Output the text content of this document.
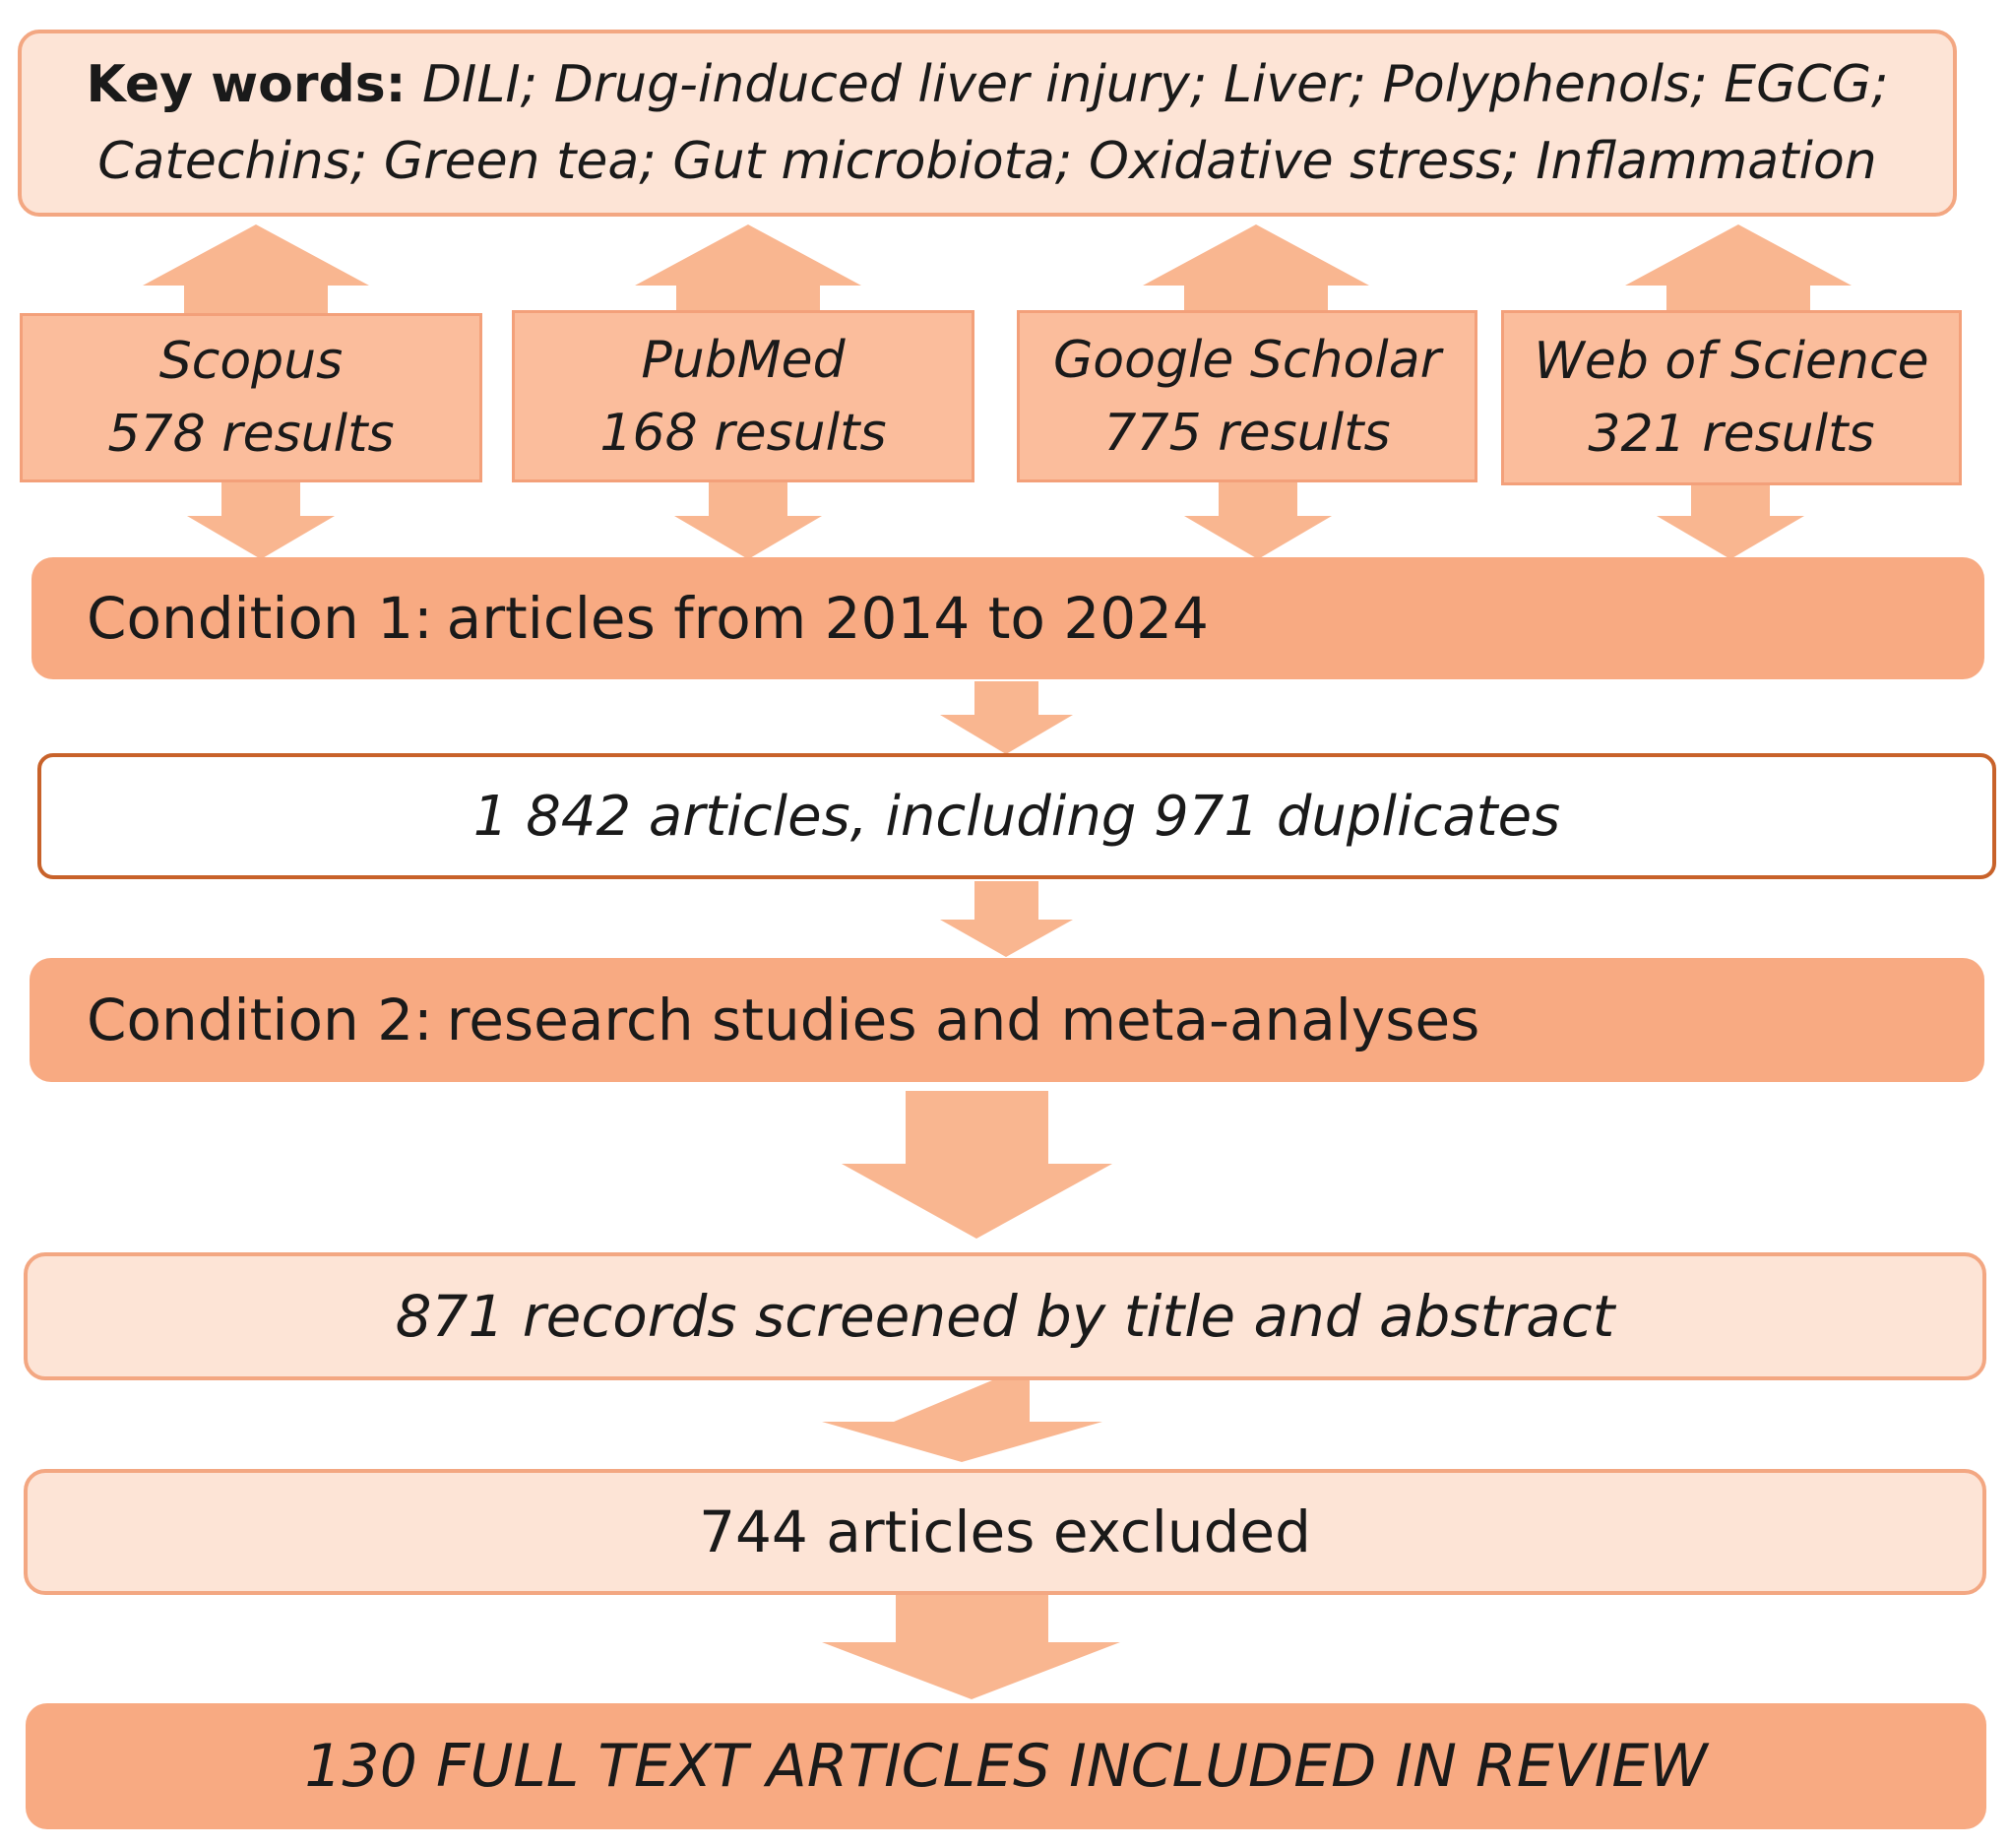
Key words: DILI; Drug-induced liver injury; Liver; Polyphenols; EGCG;
Catechins; Green tea; Gut microbiota; Oxidative stress; Inflammation
Scopus
578 results
PubMed
168 results
Google Scholar
775 results
Web of Science
321 results
Condition 1: articles from 2014 to 2024
1 842 articles, including 971 duplicates
Condition 2: research studies and meta-analyses
871 records screened by title and abstract
744 articles excluded
130 FULL TEXT ARTICLES INCLUDED IN REVIEW
